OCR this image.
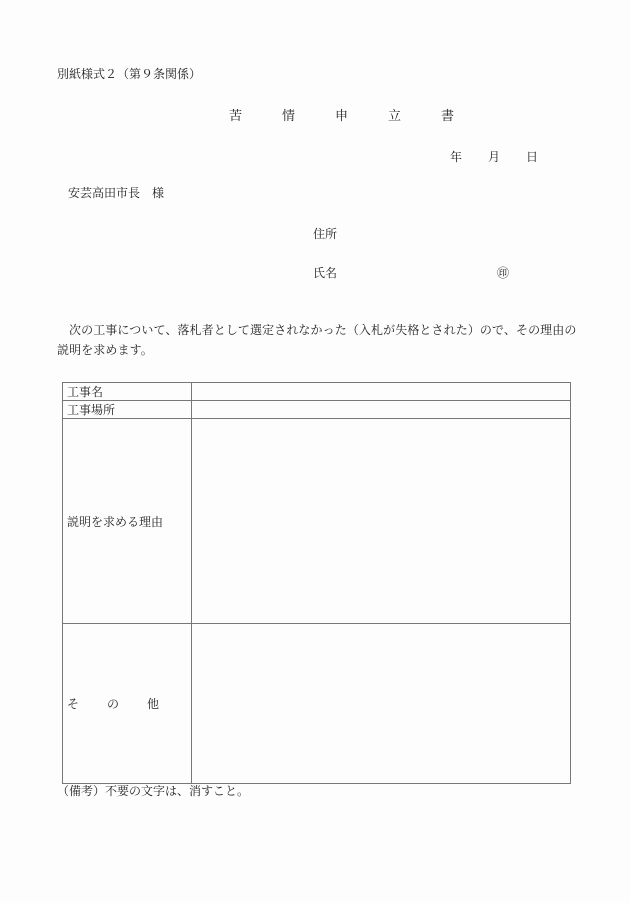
別紙様式２（第９条関係）
苦	情	申	立	書
年 月 日
安芸高田市長　様
住所
氏名	㊞
次の工事について、落札者として選定されなかった（入札が失格とされた）ので、その理由の説明を求めます。
工事名	
工事場所	
説明を求める理由	

そ の 他	

（備考）不要の文字は、消すこと。
